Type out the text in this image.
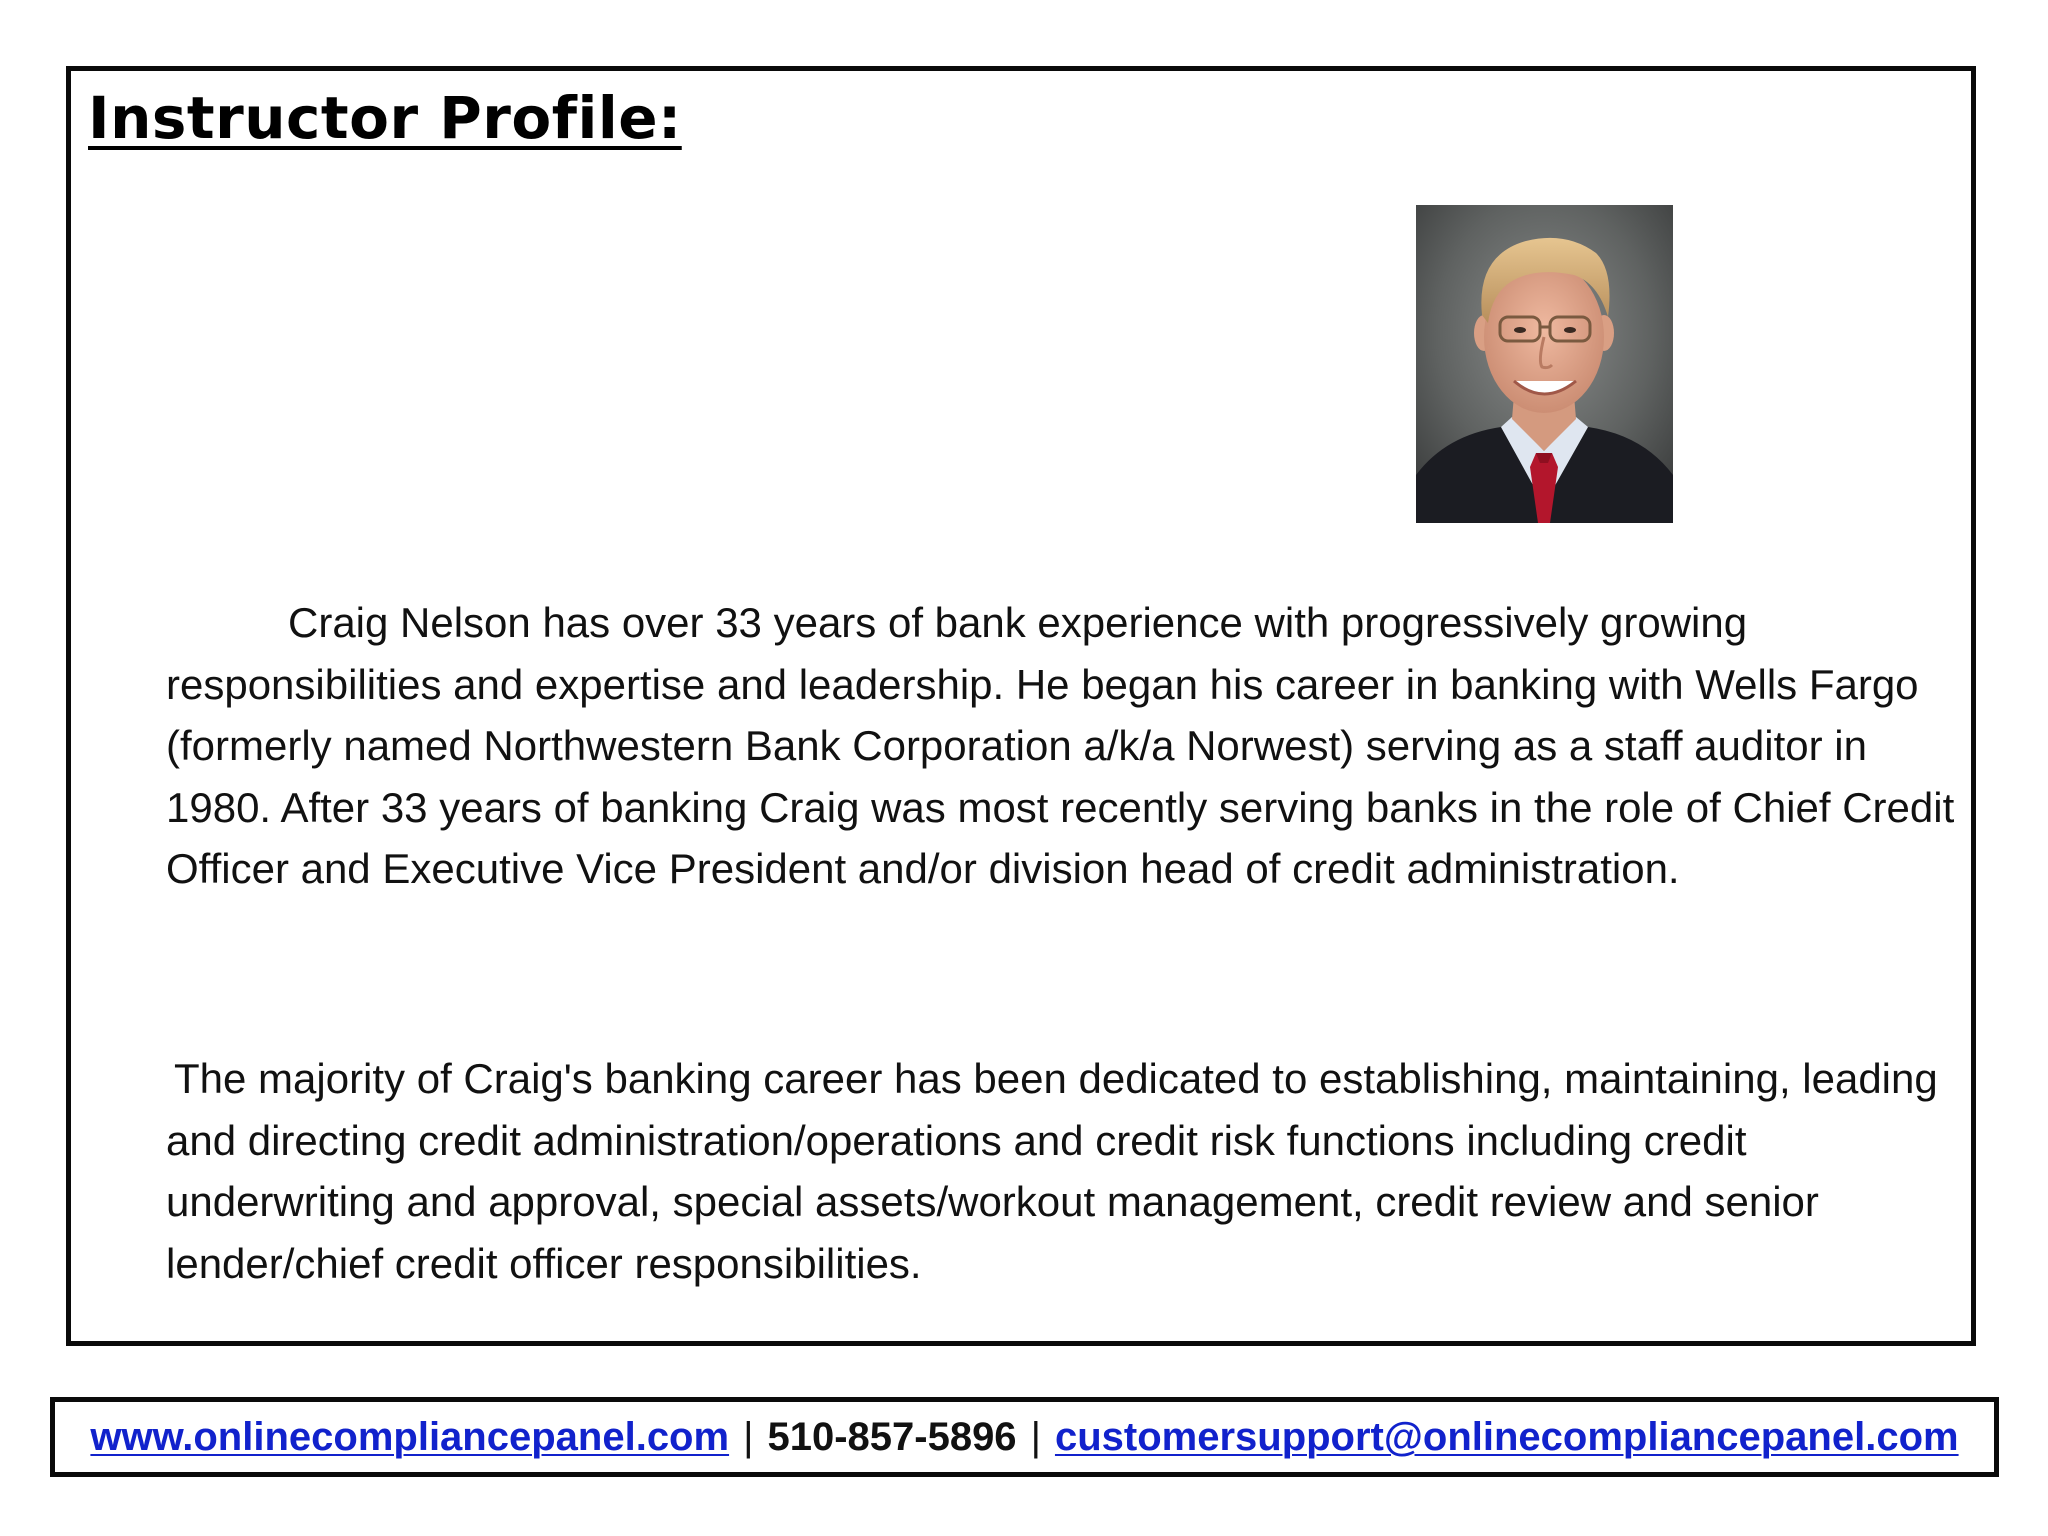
Instructor Profile:

Craig Nelson has over 33 years of bank experience with progressively growing responsibilities and expertise and leadership. He began his career in banking with Wells Fargo (formerly named Northwestern Bank Corporation a/k/a Norwest) serving as a staff auditor in 1980. After 33 years of banking Craig was most recently serving banks in the role of Chief Credit Officer and Executive Vice President and/or division head of credit administration.

The majority of Craig's banking career has been dedicated to establishing, maintaining, leading and directing credit administration/operations and credit risk functions including credit underwriting and approval, special assets/workout management, credit review and senior lender/chief credit officer responsibilities.

www.onlinecompliancepanel.com | 510-857-5896 | customersupport@onlinecompliancepanel.com
